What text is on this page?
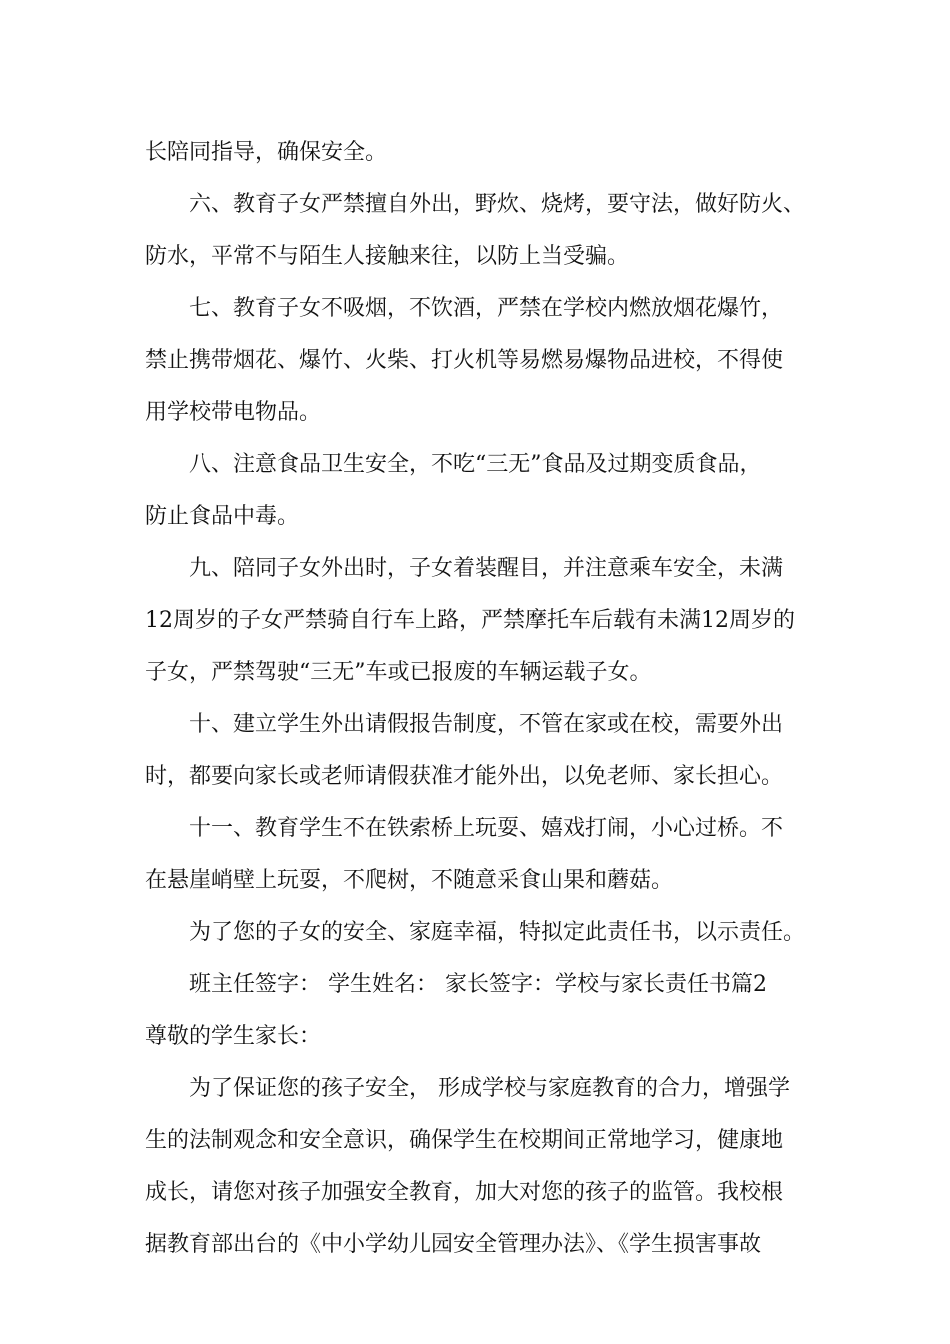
长陪同指导，确保安全。
六、教育子女严禁擅自外出，野炊、烧烤，要守法，做好防火、
防水，平常不与陌生人接触来往，以防上当受骗。
七、教育子女不吸烟，不饮酒，严禁在学校内燃放烟花爆竹，
禁止携带烟花、爆竹、火柴、打火机等易燃易爆物品进校，不得使
用学校带电物品。
八、注意食品卫生安全，不吃“三无”食品及过期变质食品，
防止食品中毒。
九、陪同子女外出时，子女着装醒目，并注意乘车安全，未满
12周岁的子女严禁骑自行车上路，严禁摩托车后载有未满12周岁的
子女，严禁驾驶“三无”车或已报废的车辆运载子女。
十、建立学生外出请假报告制度，不管在家或在校，需要外出
时，都要向家长或老师请假获准才能外出，以免老师、家长担心。
十一、教育学生不在铁索桥上玩耍、嬉戏打闹，小心过桥。不
在悬崖峭壁上玩耍，不爬树，不随意采食山果和蘑菇。
为了您的子女的安全、家庭幸福，特拟定此责任书，以示责任。
班主任签字： 学生姓名： 家长签字：学校与家长责任书篇2
尊敬的学生家长：
为了保证您的孩子安全， 形成学校与家庭教育的合力，增强学
生的法制观念和安全意识，确保学生在校期间正常地学习，健康地
成长，请您对孩子加强安全教育，加大对您的孩子的监管。我校根
据教育部出台的《中小学幼儿园安全管理办法》、《学生损害事故
